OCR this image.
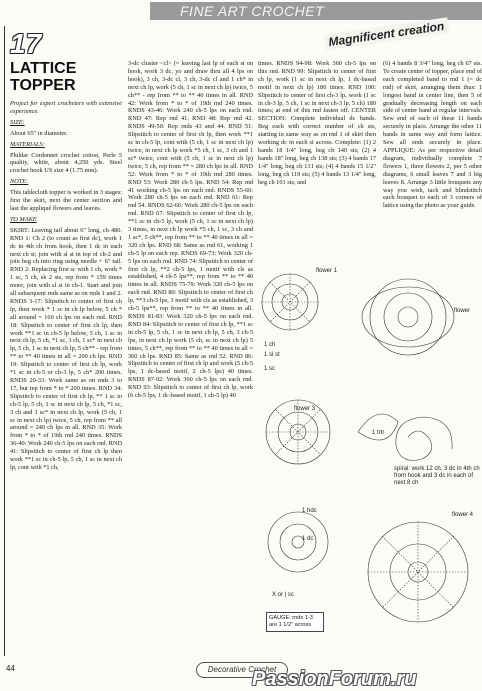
FINE ART CROCHET
Magnificent creation
17
LATTICE
TOPPER

Project for expert crocheters with extensive experience.

SIZE:

About 65" in diameter.

MATERIALS:

Phildar Cordonnet crochet cotton, Perle 5 quality, white, about 4,250 yds. Steel crochet hook US size 4 (1.75 mm).

NOTE:

This tablecloth topper is worked in 3 stages: first the skirt, next the center section and last the appliqué flowers and leaves.

TO MAKE

SKIRT: Leaving tail about 6" long, ch 480. RND 1: Ch 2 (to count as first dc), work 1 dc in 4th ch from hook, then 1 dc in each next ch st; join with sl st in top of ch-2 and join beg ch into ring using needle + 6" tail. RND 2: Replacing first sc with 1 ch, work * 1 sc, 5 ch, sk 2 sts, rep from * 159 times more; join with sl st in ch-1. Start and join all subsequent rnds same as on rnds 1 and 2. RNDS 3-17: Slipstitch to center of first ch lp, then work * 1 sc in ch lp below, 5 ch * all around = 160 ch lps on each rnd. RND 18: Slipstitch to center of first ch lp, then work **1 sc in ch-5 lp below, 5 ch, 1 sc in next ch lp, 5 ch, *1 sc, 3 ch, 1 sc* in next ch lp, 5 ch, 1 sc in next ch lp, 5 ch** - rep from ** to ** 40 times in all = 200 ch lps. RND 19: Slipstitch to center of first ch lp, work *1 sc in ch-5 or ch-3 lp, 5 ch* 200 times. RNDS 20-33: Work same as on rnds 3 to 17, but rep from * to * 200 times. RND 34: Slipstitch to center of first ch lp, ** 1 sc in ch-5 lp, 5 ch, 1 sc in next ch lp, 5 ch, *1 sc, 3 ch and 1 sc* in next ch lp, work (5 ch, 1 sc in next ch lp) twice, 5 ch, rep from ** all around = 240 ch lps in all. RND 35: Work from * to * of 19th rnd 240 times. RNDS 36-40: Work 240 ch-5 lps on each rnd. RND 41: Slipstitch to center of first ch lp then work **1 sc in ch-5 lp, 5 ch, 1 sc in next ch lp, cont with *1 ch,

3-dc cluster <cl> (= leaving last lp of each st on hook, work 3 dc, yo and draw thru all 4 lps on hook), 3 ch, 3-dc cl, 3 ch, 3-dc cl and 1 ch* in next ch lp, work (5 ch, 1 sc in next ch lp) twice, 5 ch** - rep from ** to ** 40 times in all. RND 42: Work from * to * of 19th rnd 240 times. RNDS 43-46: Work 240 ch-5 lps on each rnd. RND 47: Rep rnd 41. RND 48: Rep rnd 42. RNDS 49-50: Rep rnds 43 and 44. RND 51: Slipstitch to center of first ch lp, then work **1 sc in ch-5 lp, cont with (5 ch, 1 sc in next ch lp) twice, in next ch lp work *5 ch, 1 sc, 3 ch and 1 sc* twice, cont with (5 ch, 1 sc in next ch lp) twice, 5 ch, rep from ** = 280 ch lps in all. RND 52: Work from * to * of 19th rnd 280 times. RND 53: Work 280 ch-5 lps. RND 54: Rep rnd 41 working ch-5 lps on each rnd. RNDS 55-60: Work 280 ch-5 lps on each rnd. RND 61: Rep rnd 54. RNDS 62-66: Work 280 ch-5 lps on each rnd. RND 67: Slipstitch to center of first ch lp, **1 sc in ch-5 lp, work (5 ch, 1 sc in next ch lp) 3 times, in next ch lp work *5 ch, 1 sc, 3 ch and 1 sc*, 5 ch**, rep from ** to ** 40 times in all = 320 ch lps. RND 68: Same as rnd 61, working 1 ch-5 lp on each rep. RNDS 69-73: Work 320 ch-5 lps on each rnd. RND 74: Slipstitch to center of first ch lp, **2 ch-5 lps, 1 motif with cls as established, 4 ch-5 lps**, rep from ** to ** 40 times in all. RNDS 75-79: Work 320 ch-5 lps on each rnd. RND 80: Slipstitch to center of first ch lp, **3 ch-5 lps, 1 motif with cls as established, 3 ch-5 lps**, rep from ** to ** 40 times in all. RNDS 81-83: Work 320 ch-5 lps on each rnd. RND 84: Slipstitch to center of first ch lp, **1 sc in ch-5 lp, 5 ch, 1 sc in next ch lp, 5 ch, 3 ch-5 lps, in next ch lp work (5 ch, sc in next ch lp) 5 times, 5 ch**, rep from ** to ** 40 times in all = 360 ch lps. RND 85: Same as rnd 52. RND 86: Slipstitch to center of first ch lp and work (5 ch-5 lps, 1 dc-based motif, 2 ch-5 lps) 40 times. RNDS 87-92: Work 360 ch-5 lps on each rnd. RND 93: Slipstitch to center of first ch lp, work (6 ch-5 lps, 1 dc-based motif, 1 ch-5 lp) 40

times. RNDS 94-98: Work 360 ch-5 lps on this rnd. RND 99: Slipstitch to center of first ch lp, work (1 sc in next ch lp, 1 dc-based motif in next ch lp) 180 times. RND 100: Slipstitch to center of first ch-3 lp, work (1 sc in ch-3 lp, 5 ch, 1 sc in next ch-3 lp, 5 ch) 180 times; at end of this rnd fasten off. CENTER SECTION: Complete individual dc bands. Beg each with correct number of ch sts, starting in same way as on rnd 1 of skirt then working dc in each st across. Complete: (1) 2 bands 18 1/4" long, beg ch 140 sts; (2) 4 bands 18" long, beg ch 138 sts; (3) 4 bands 17 1/4" long, beg ch 131 sts; (4) 4 bands 15 1/2" long, beg ch 119 sts; (5) 4 bands 13 1/4" long, beg ch 101 sts; and

(6) 4 bands 8 3/4" long, beg ch 67 sts. To create center of topper, place end of each completed band to rnd 1 (= dc rnd) of skirt, arranging them thus: 1 longest band in center line, then 5 of gradually decreasing length on each side of center band at regular intervals. Sew end of each of these 11 bands securely in place. Arrange the other 11 bands in same way and form lattice. Sew all ends securely in place. APPLIQUE: As per respective detail diagram, individually complete 7 flowers 1, three flowers 2, per 5 other diagrams, 6 small leaves 7 and 3 big leaves 8. Arrange 3 little bouquets any way you wish, tack and blindstitch each bouquet to each of 3 corners of lattice using the photo as your guide.

flower 1
flower
1 ch
1 sl st
1 sc
flower 3
1 trtr
spiral: work 12 ch, 3 dc in 4th ch from hook and 3 dc in each of next 8 ch
flower 4
1 hdc
1 dc
X or | sc
GAUGE: rnds 1-3 are 1 1/2" across
44	Decorative Crochet
PassionForum.ru
